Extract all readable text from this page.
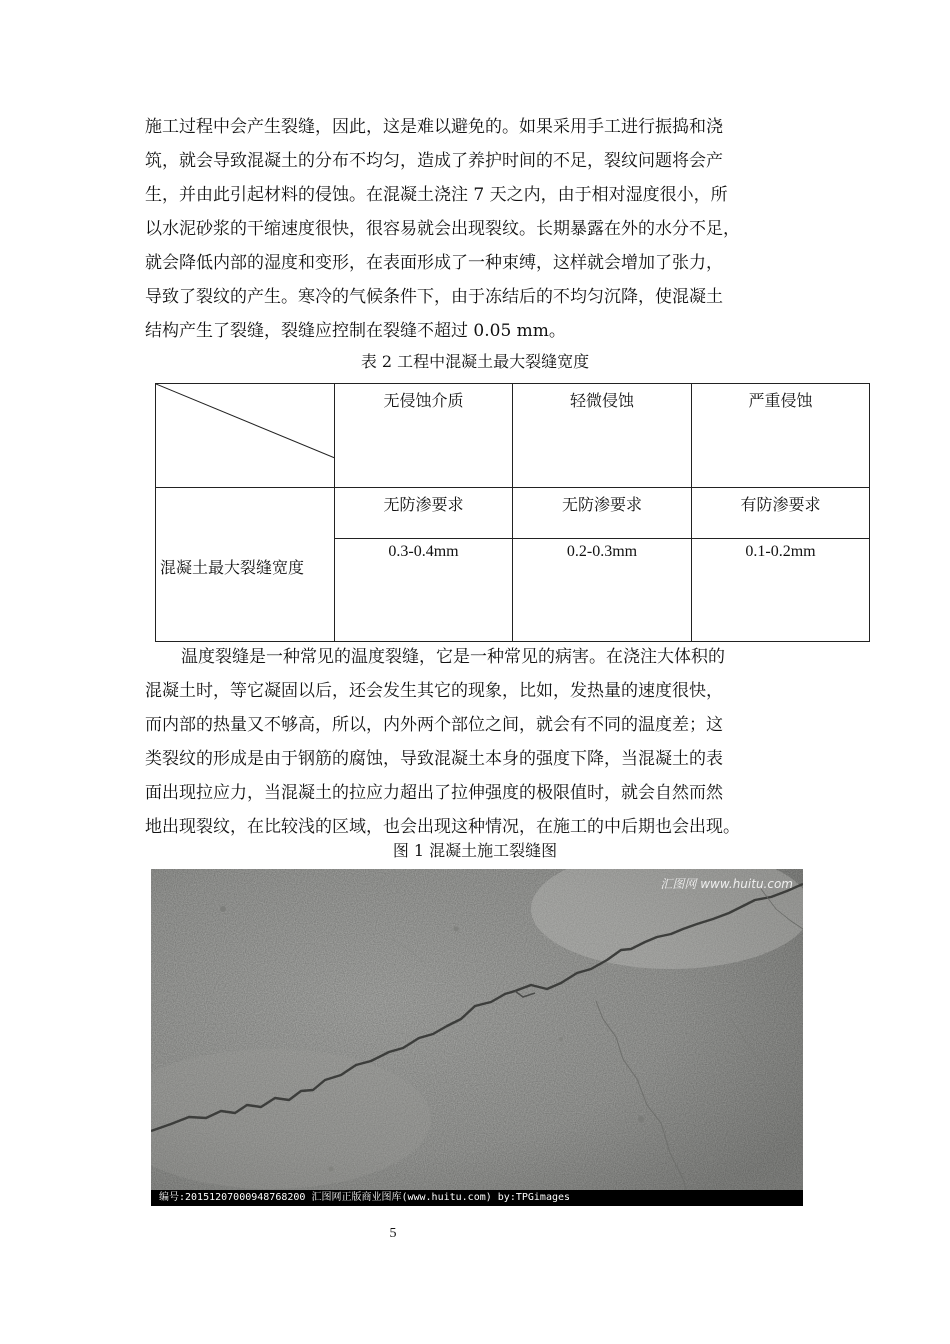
施工过程中会产生裂缝，因此，这是难以避免的。如果采用手工进行振捣和浇
筑，就会导致混凝土的分布不均匀，造成了养护时间的不足，裂纹问题将会产
生，并由此引起材料的侵蚀。在混凝土浇注 7 天之内，由于相对湿度很小，所
以水泥砂浆的干缩速度很快，很容易就会出现裂纹。长期暴露在外的水分不足，
就会降低内部的湿度和变形，在表面形成了一种束缚，这样就会增加了张力，
导致了裂纹的产生。寒冷的气候条件下，由于冻结后的不均匀沉降，使混凝土
结构产生了裂缝，裂缝应控制在裂缝不超过 0.05 mm。
表 2 工程中混凝土最大裂缝宽度
	无侵蚀介质	轻微侵蚀	严重侵蚀
混凝土最大裂缝宽度	无防渗要求	无防渗要求	有防渗要求
	0.3-0.4mm	0.2-0.3mm	0.1-0.2mm
温度裂缝是一种常见的温度裂缝，它是一种常见的病害。在浇注大体积的
混凝土时，等它凝固以后，还会发生其它的现象，比如，发热量的速度很快，
而内部的热量又不够高，所以，内外两个部位之间，就会有不同的温度差；这
类裂纹的形成是由于钢筋的腐蚀，导致混凝土本身的强度下降，当混凝土的表
面出现拉应力，当混凝土的拉应力超出了拉伸强度的极限值时，就会自然而然
地出现裂纹，在比较浅的区域，也会出现这种情况，在施工的中后期也会出现。
图 1 混凝土施工裂缝图
汇图网 www.huitu.com
编号:20151207000948768200 汇图网正版商业图库(www.huitu.com) by:TPGimages
5
